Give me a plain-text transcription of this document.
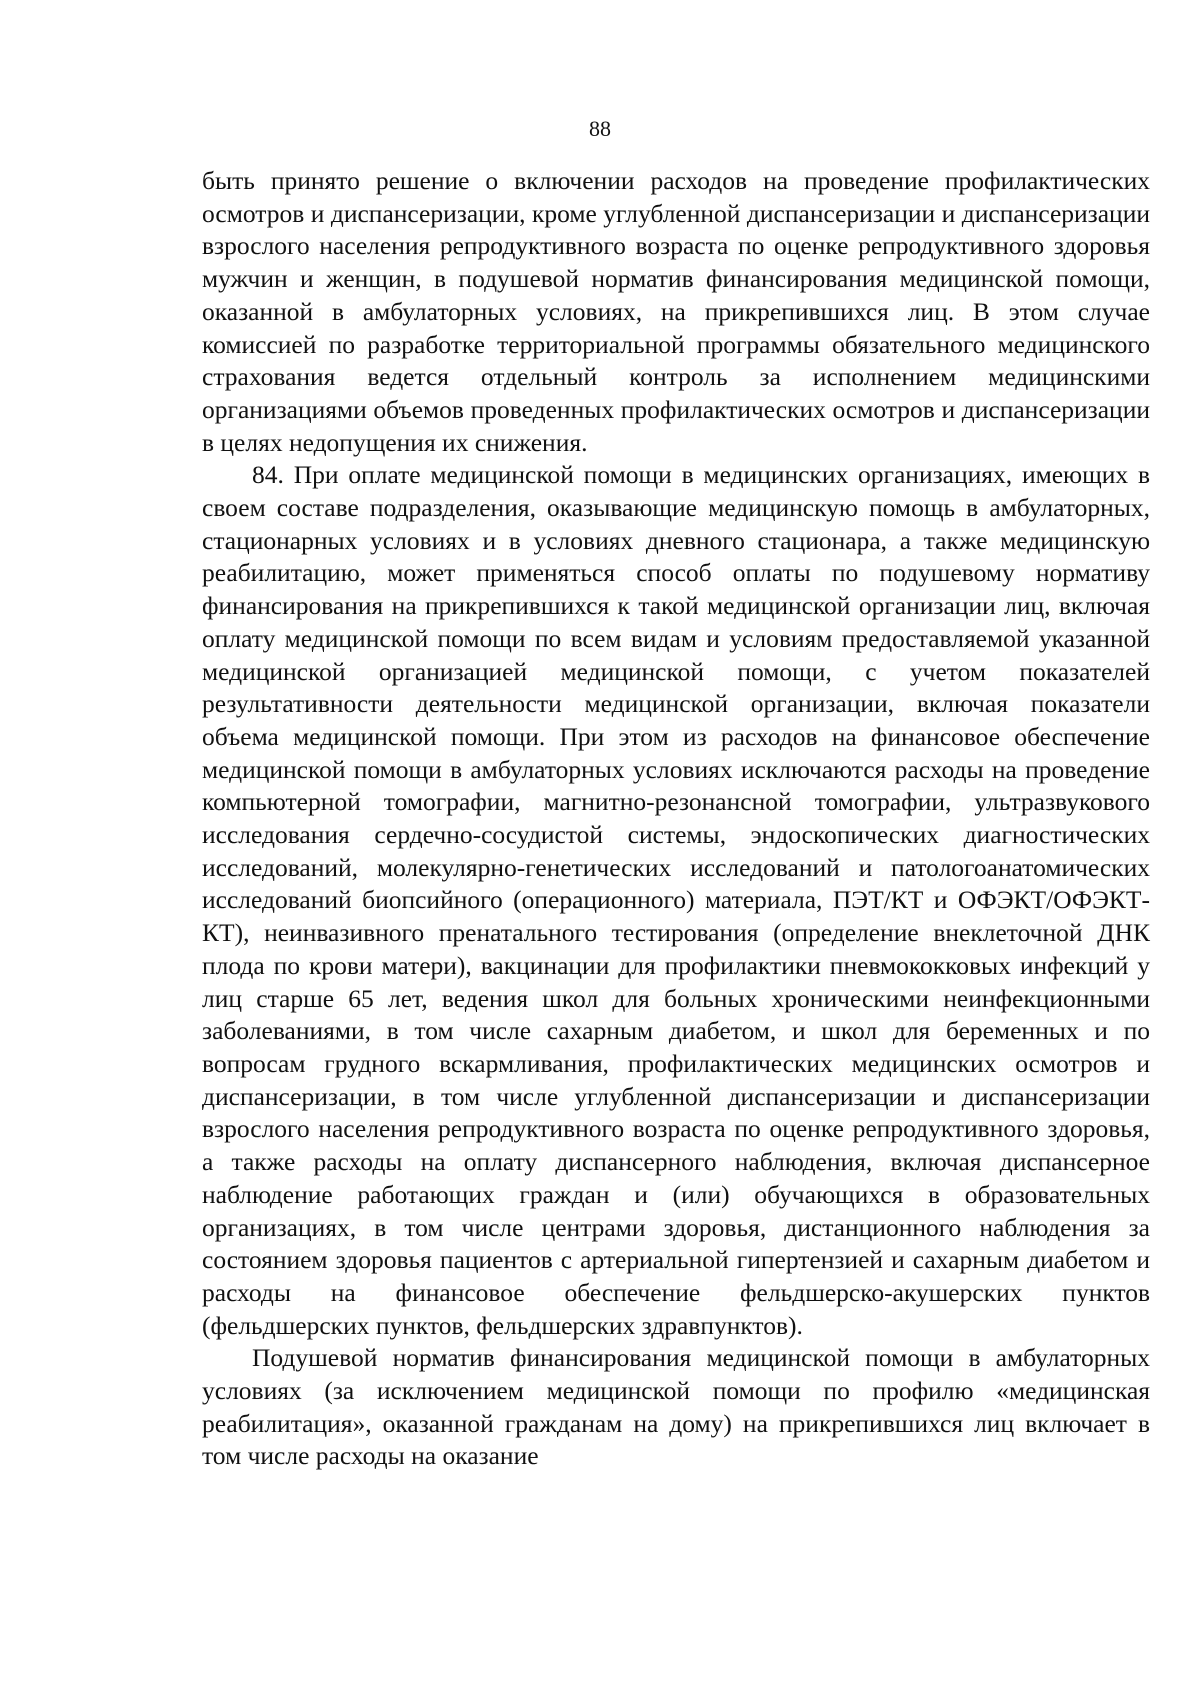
88

быть принято решение о включении расходов на проведение профилактических осмотров и диспансеризации, кроме углубленной диспансеризации и диспансеризации взрослого населения репродуктивного возраста по оценке репродуктивного здоровья мужчин и женщин, в подушевой норматив финансирования медицинской помощи, оказанной в амбулаторных условиях, на прикрепившихся лиц. В этом случае комиссией по разработке территориальной программы обязательного медицинского страхования ведется отдельный контроль за исполнением медицинскими организациями объемов проведенных профилактических осмотров и диспансеризации в целях недопущения их снижения.

84. При оплате медицинской помощи в медицинских организациях, имеющих в своем составе подразделения, оказывающие медицинскую помощь в амбулаторных, стационарных условиях и в условиях дневного стационара, а также медицинскую реабилитацию, может применяться способ оплаты по подушевому нормативу финансирования на прикрепившихся к такой медицинской организации лиц, включая оплату медицинской помощи по всем видам и условиям предоставляемой указанной медицинской организацией медицинской помощи, с учетом показателей результативности деятельности медицинской организации, включая показатели объема медицинской помощи. При этом из расходов на финансовое обеспечение медицинской помощи в амбулаторных условиях исключаются расходы на проведение компьютерной томографии, магнитно-резонансной томографии, ультразвукового исследования сердечно-сосудистой системы, эндоскопических диагностических исследований, молекулярно-генетических исследований и патологоанатомических исследований биопсийного (операционного) материала, ПЭТ/КТ и ОФЭКТ/ОФЭКТ-КТ), неинвазивного пренатального тестирования (определение внеклеточной ДНК плода по крови матери), вакцинации для профилактики пневмококковых инфекций у лиц старше 65 лет, ведения школ для больных хроническими неинфекционными заболеваниями, в том числе сахарным диабетом, и школ для беременных и по вопросам грудного вскармливания, профилактических медицинских осмотров и диспансеризации, в том числе углубленной диспансеризации и диспансеризации взрослого населения репродуктивного возраста по оценке репродуктивного здоровья, а также расходы на оплату диспансерного наблюдения, включая диспансерное наблюдение работающих граждан и (или) обучающихся в образовательных организациях, в том числе центрами здоровья, дистанционного наблюдения за состоянием здоровья пациентов с артериальной гипертензией и сахарным диабетом и расходы на финансовое обеспечение фельдшерско-акушерских пунктов (фельдшерских пунктов, фельдшерских здравпунктов).

Подушевой норматив финансирования медицинской помощи в амбулаторных условиях (за исключением медицинской помощи по профилю «медицинская реабилитация», оказанной гражданам на дому) на прикрепившихся лиц включает в том числе расходы на оказание
